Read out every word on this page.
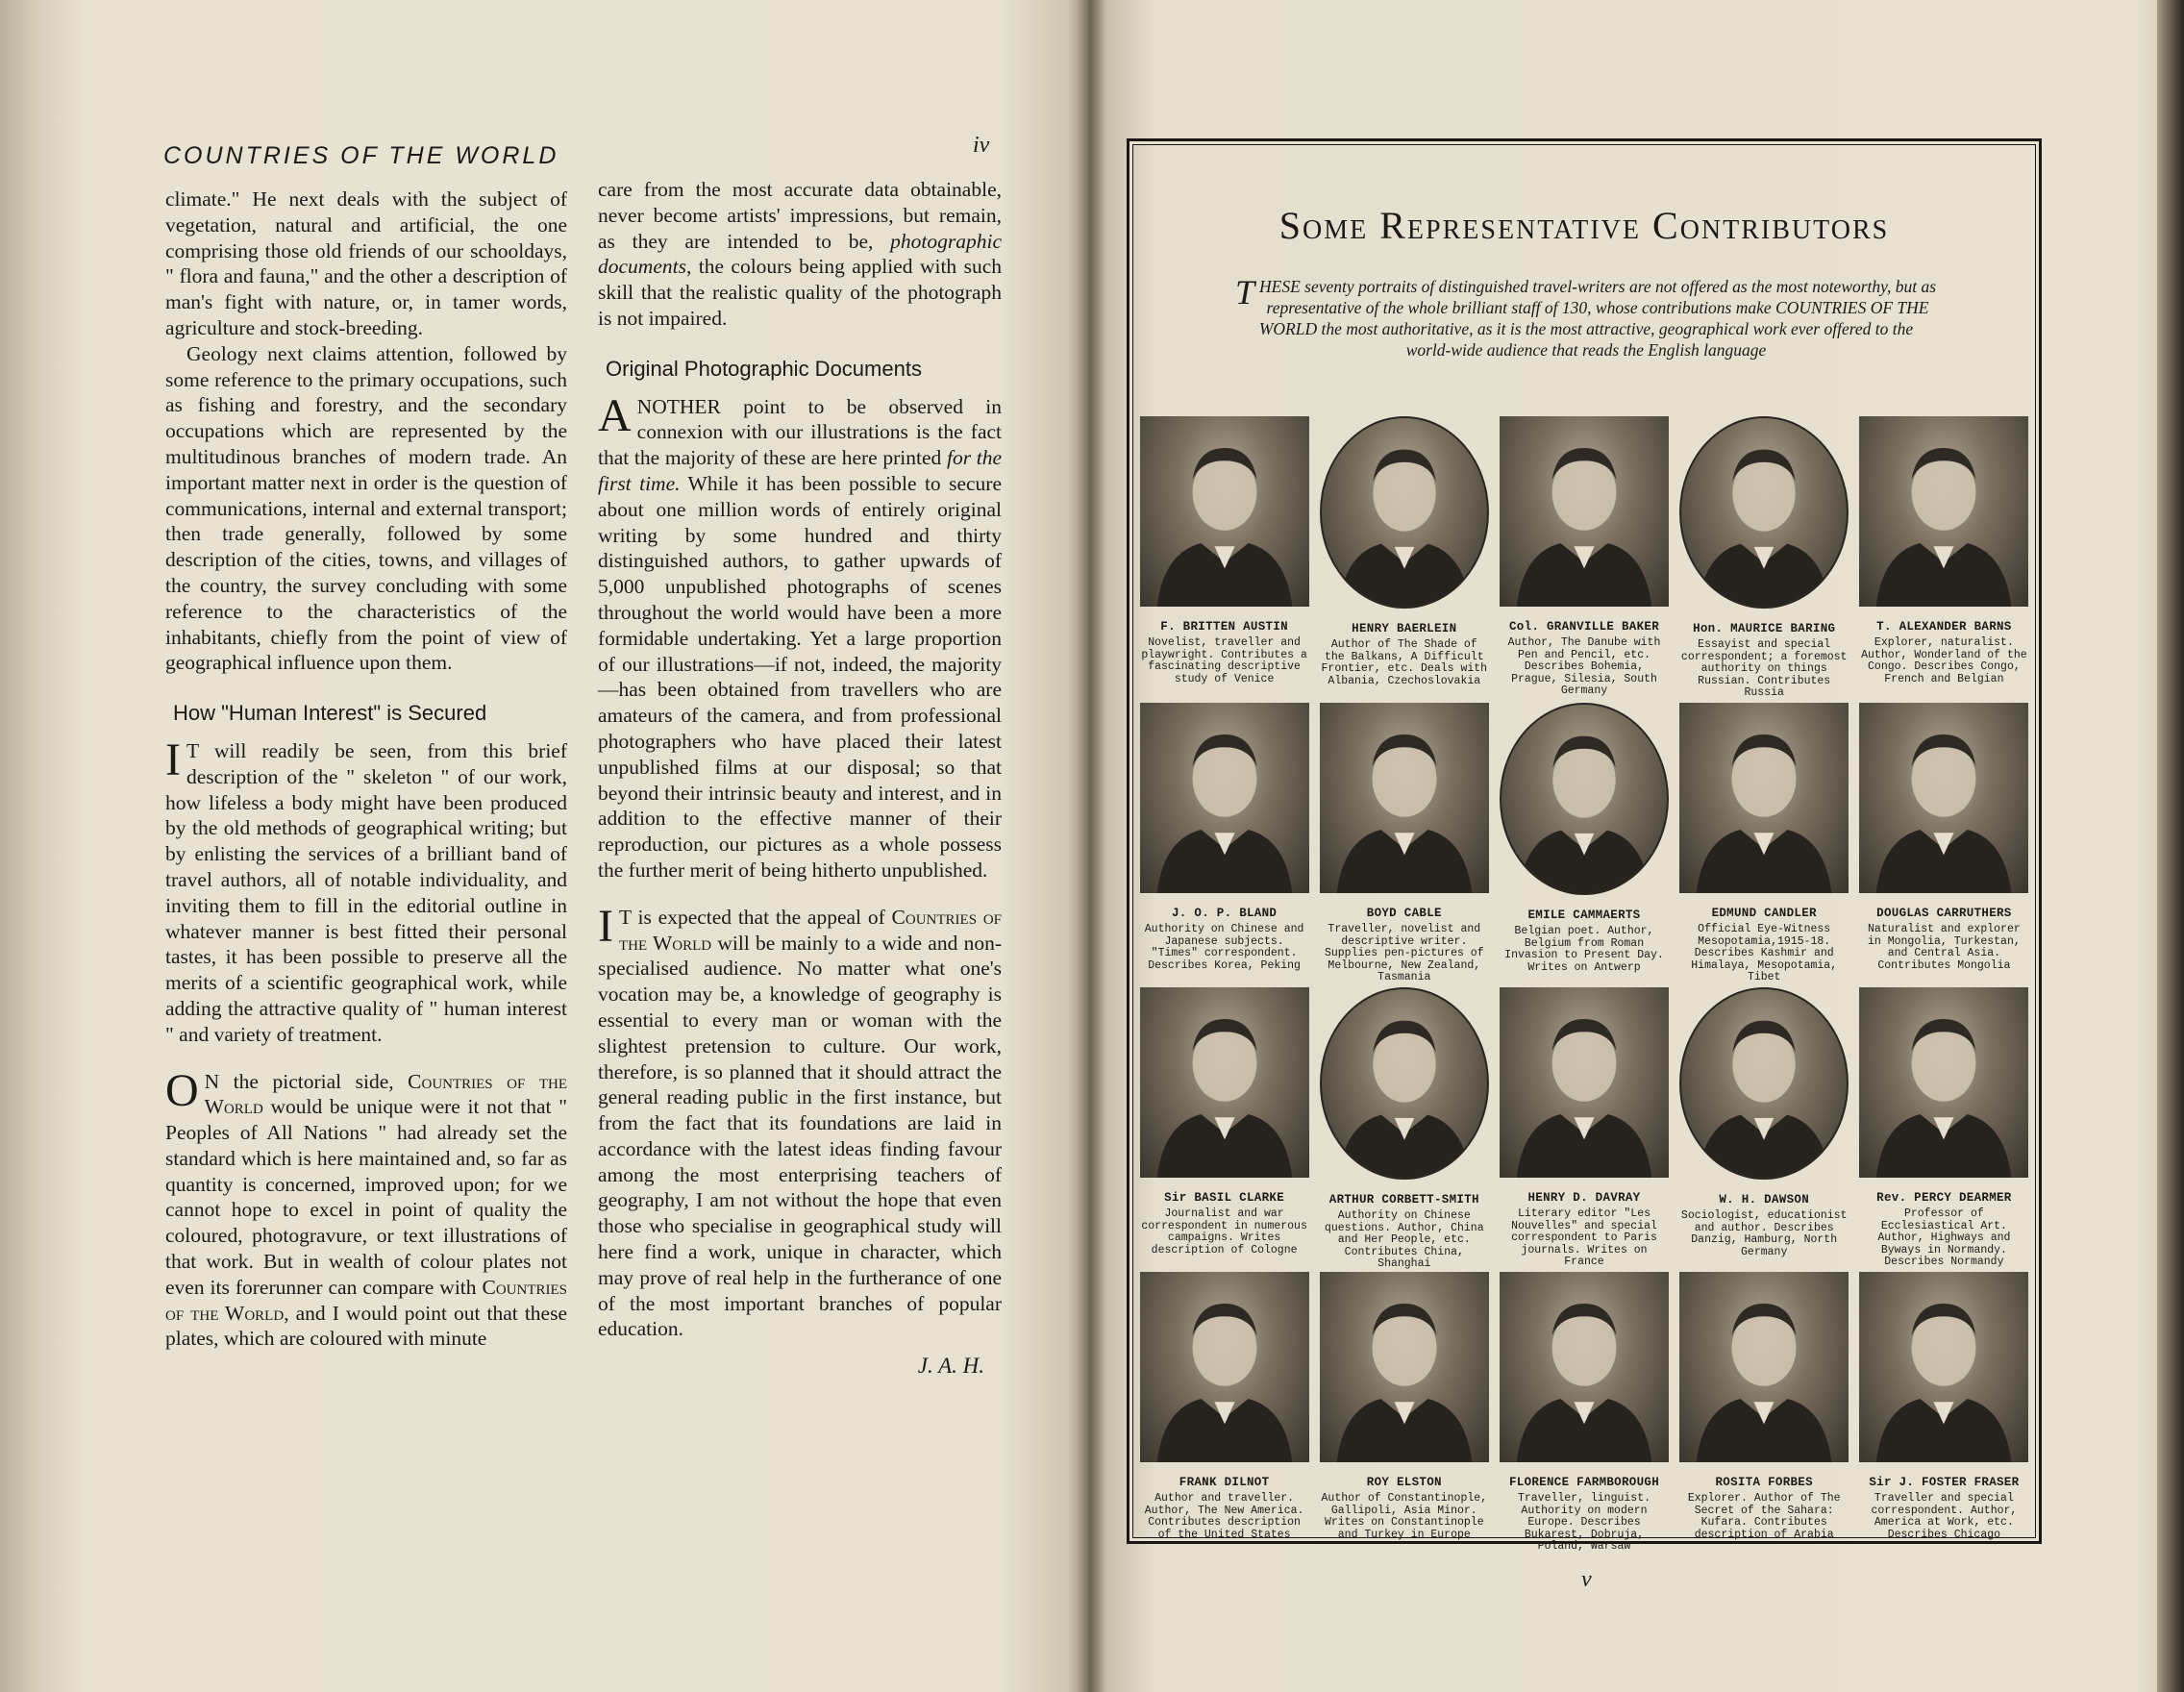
COUNTRIES OF THE WORLD	iv

climate." He next deals with the subject of vegetation, natural and artificial, the one comprising those old friends of our schooldays, " flora and fauna," and the other a description of man's fight with nature, or, in tamer words, agriculture and stock-breeding.

Geology next claims attention, followed by some reference to the primary occupations, such as fishing and forestry, and the secondary occupations which are represented by the multitudinous branches of modern trade. An important matter next in order is the question of communications, internal and external transport; then trade generally, followed by some description of the cities, towns, and villages of the country, the survey concluding with some reference to the characteristics of the inhabitants, chiefly from the point of view of geographical influence upon them.

How "Human Interest" is Secured

I T will readily be seen, from this brief description of the " skeleton " of our work, how lifeless a body might have been produced by the old methods of geographical writing; but by enlisting the services of a brilliant band of travel authors, all of notable individuality, and inviting them to fill in the editorial outline in whatever manner is best fitted their personal tastes, it has been possible to preserve all the merits of a scientific geographical work, while adding the attractive quality of " human interest " and variety of treatment.

O N the pictorial side, Countries of the World would be unique were it not that " Peoples of All Nations " had already set the standard which is here maintained and, so far as quantity is concerned, improved upon; for we cannot hope to excel in point of quality the coloured, photogravure, or text illustrations of that work. But in wealth of colour plates not even its forerunner can compare with Countries of the World, and I would point out that these plates, which are coloured with minute

care from the most accurate data obtainable, never become artists' impressions, but remain, as they are intended to be, photographic documents, the colours being applied with such skill that the realistic quality of the photograph is not impaired.

Original Photographic Documents

ANOTHER point to be observed in connexion with our illustrations is the fact that the majority of these are here printed for the first time. While it has been possible to secure about one million words of entirely original writing by some hundred and thirty distinguished authors, to gather upwards of 5,000 unpublished photographs of scenes throughout the world would have been a more formidable undertaking. Yet a large proportion of our illustrations—if not, indeed, the majority—has been obtained from travellers who are amateurs of the camera, and from professional photographers who have placed their latest unpublished films at our disposal; so that beyond their intrinsic beauty and interest, and in addition to the effective manner of their reproduction, our pictures as a whole possess the further merit of being hitherto unpublished.

I T is expected that the appeal of Countries of the World will be mainly to a wide and non-specialised audience. No matter what one's vocation may be, a knowledge of geography is essential to every man or woman with the slightest pretension to culture. Our work, therefore, is so planned that it should attract the general reading public in the first instance, but from the fact that its foundations are laid in accordance with the latest ideas finding favour among the most enterprising teachers of geography, I am not without the hope that even those who specialise in geographical study will here find a work, unique in character, which may prove of real help in the furtherance of one of the most important branches of popular education.

J. A. H.
Some Representative Contributors
THESE seventy portraits of distinguished travel-writers are not offered as the most noteworthy, but as representative of the whole brilliant staff of 130, whose contributions make COUNTRIES OF THE WORLD the most authoritative, as it is the most attractive, geographical work ever offered to the world-wide audience that reads the English language
F. BRITTEN AUSTIN
Novelist, traveller and playwright. Contributes a fascinating descriptive study of Venice
HENRY BAERLEIN
Author of The Shade of the Balkans, A Difficult Frontier, etc. Deals with Albania, Czechoslovakia
Col. GRANVILLE BAKER
Author, The Danube with Pen and Pencil, etc. Describes Bohemia, Prague, Silesia, South Germany
Hon. MAURICE BARING
Essayist and special correspondent; a foremost authority on things Russian. Contributes Russia
T. ALEXANDER BARNS
Explorer, naturalist. Author, Wonderland of the Congo. Describes Congo, French and Belgian
J. O. P. BLAND
Authority on Chinese and Japanese subjects. "Times" correspondent. Describes Korea, Peking
BOYD CABLE
Traveller, novelist and descriptive writer. Supplies pen-pictures of Melbourne, New Zealand, Tasmania
EMILE CAMMAERTS
Belgian poet. Author, Belgium from Roman Invasion to Present Day. Writes on Antwerp
EDMUND CANDLER
Official Eye-Witness Mesopotamia,1915-18. Describes Kashmir and Himalaya, Mesopotamia, Tibet
DOUGLAS CARRUTHERS
Naturalist and explorer in Mongolia, Turkestan, and Central Asia. Contributes Mongolia
Sir BASIL CLARKE
Journalist and war correspondent in numerous campaigns. Writes description of Cologne
ARTHUR CORBETT-SMITH
Authority on Chinese questions. Author, China and Her People, etc. Contributes China, Shanghai
HENRY D. DAVRAY
Literary editor "Les Nouvelles" and special correspondent to Paris journals. Writes on France
W. H. DAWSON
Sociologist, educationist and author. Describes Danzig, Hamburg, North Germany
Rev. PERCY DEARMER
Professor of Ecclesiastical Art. Author, Highways and Byways in Normandy. Describes Normandy
FRANK DILNOT
Author and traveller. Author, The New America. Contributes description of the United States
ROY ELSTON
Author of Constantinople, Gallipoli, Asia Minor. Writes on Constantinople and Turkey in Europe
FLORENCE FARMBOROUGH
Traveller, linguist. Authority on modern Europe. Describes Bukarest, Dobruja, Poland, Warsaw
ROSITA FORBES
Explorer. Author of The Secret of the Sahara: Kufara. Contributes description of Arabia
Sir J. FOSTER FRASER
Traveller and special correspondent. Author, America at Work, etc. Describes Chicago
v
